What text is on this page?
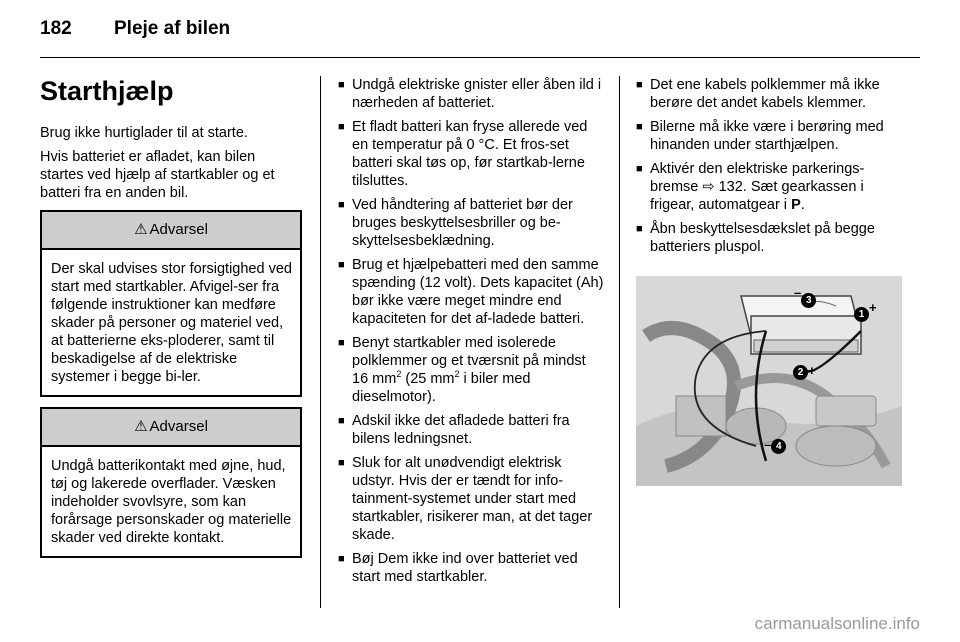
182 Pleje af bilen
Starthjælp

Brug ikke hurtiglader til at starte.

Hvis batteriet er afladet, kan bilen startes ved hjælp af startkabler og et batteri fra en anden bil.

⚠ Advarsel
Der skal udvises stor forsigtighed ved start med startkabler. Afvigel-ser fra følgende instruktioner kan medføre skader på personer og materiel ved, at batterierne eks-ploderer, samt til beskadigelse af de elektriske systemer i begge bi-ler.
⚠ Advarsel
Undgå batterikontakt med øjne, hud, tøj og lakerede overflader. Væsken indeholder svovlsyre, som kan forårsage personskader og materielle skader ved direkte kontakt.
■ Undgå elektriske gnister eller åben ild i nærheden af batteriet.
■ Et fladt batteri kan fryse allerede ved en temperatur på 0 °C. Et fros-set batteri skal tøs op, før startkab-lerne tilsluttes.
■ Ved håndtering af batteriet bør der bruges beskyttelsesbriller og be-skyttelsesbeklædning.
■ Brug et hjælpebatteri med den samme spænding (12 volt). Dets kapacitet (Ah) bør ikke være meget mindre end kapaciteten for det af-ladede batteri.
■ Benyt startkabler med isolerede polklemmer og et tværsnit på mindst 16 $mm^2$ (25 $mm^2$ i biler med dieselmotor).
■ Adskil ikke det afladede batteri fra bilens ledningsnet.
■ Sluk for alt unødvendigt elektrisk udstyr. Hvis der er tændt for info-tainment-systemet under start med startkabler, risikerer man, at det tager skade.
■ Bøj Dem ikke ind over batteriet ved start med startkabler.
■ Det ene kabels polklemmer må ikke berøre det andet kabels klemmer.
■ Bilerne må ikke være i berøring med hinanden under starthjælpen.
■ Aktivér den elektriske parkerings-bremse ⇨ 132. Sæt gearkassen i frigear, automatgear i P.
■ Åbn beskyttelsesdækslet på begge batteriers pluspol.
–3
1 +
2 +
– 4
carmanualsonline.info
